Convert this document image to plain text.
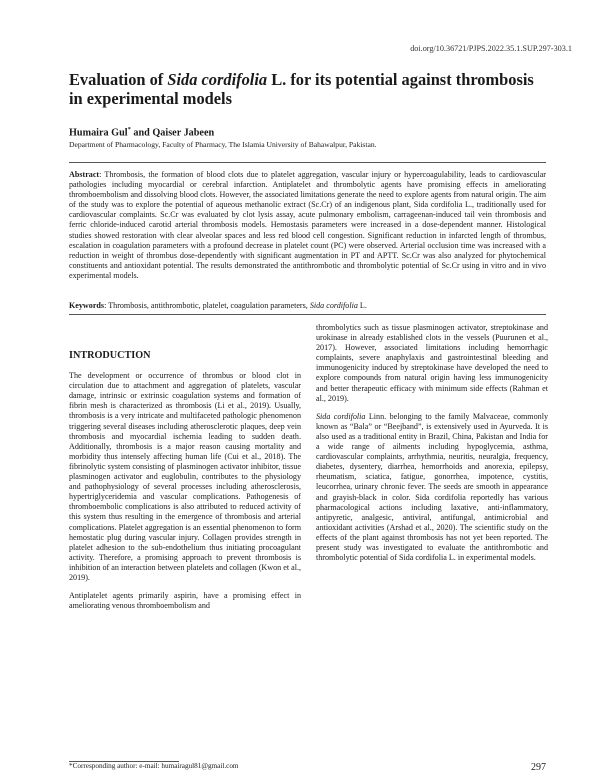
doi.org/10.36721/PJPS.2022.35.1.SUP.297-303.1
Evaluation of Sida cordifolia L. for its potential against thrombosis in experimental models
Humaira Gul* and Qaiser Jabeen
Department of Pharmacology, Faculty of Pharmacy, The Islamia University of Bahawalpur, Pakistan.

Abstract: Thrombosis, the formation of blood clots due to platelet aggregation, vascular injury or hypercoagulability, leads to cardiovascular pathologies including myocardial or cerebral infarction. Antiplatelet and thrombolytic agents have promising effects in ameliorating thromboembolism and dissolving blood clots. However, the associated limitations generate the need to explore agents from natural origin. The aim of the study was to explore the potential of aqueous methanolic extract (Sc.Cr) of an indigenous plant, Sida cordifolia L., traditionally used for cardiovascular complaints. Sc.Cr was evaluated by clot lysis assay, acute pulmonary embolism, carrageenan-induced tail vein thrombosis and ferric chloride-induced carotid arterial thrombosis models. Hemostasis parameters were increased in a dose-dependent manner. Histological studies showed restoration with clear alveolar spaces and less red blood cell congestion. Significant reduction in infarcted length of thrombus, escalation in coagulation parameters with a profound decrease in platelet count (PC) were observed. Arterial occlusion time was increased with a reduction in weight of thrombus dose-dependently with significant augmentation in PT and APTT. Sc.Cr was also analyzed for phytochemical constituents and antioxidant potential. The results demonstrated the antithrombotic and thrombolytic potential of Sc.Cr using in vitro and in vivo experimental models.

Keywords: Thrombosis, antithrombotic, platelet, coagulation parameters, Sida cordifolia L.

INTRODUCTION

The development or occurrence of thrombus or blood clot in circulation due to attachment and aggregation of platelets, vascular damage, intrinsic or extrinsic coagulation systems and formation of fibrin mesh is characterized as thrombosis (Li et al., 2019). Usually, thrombosis is a very intricate and multifaceted pathologic phenomenon triggering several diseases including atherosclerotic plaques, deep vein thrombosis and myocardial ischemia leading to sudden death. Additionally, thrombosis is a major reason causing mortality and morbidity thus intensely affecting human life (Cui et al., 2018). The fibrinolytic system consisting of plasminogen activator inhibitor, tissue plasminogen activator and euglobulin, contributes to the physiology and pathophysiology of several processes including atherosclerosis, hypertriglyceridemia and vascular complications. Pathogenesis of thromboembolic complications is also attributed to reduced activity of this system thus resulting in the emergence of thrombosis and arterial complications. Platelet aggregation is an essential phenomenon to form hemostatic plug during vascular injury. Collagen provides strength in platelet adhesion to the sub-endothelium thus initiating procoagulant activity. Therefore, a promising approach to prevent thrombosis is inhibition of an interaction between platelets and collagen (Kwon et al., 2019).

Antiplatelet agents primarily aspirin, have a promising effect in ameliorating venous thromboembolism and

thrombolytics such as tissue plasminogen activator, streptokinase and urokinase in already established clots in the vessels (Puurunen et al., 2017). However, associated limitations including hemorrhagic complaints, severe anaphylaxis and gastrointestinal bleeding and immunogenicity induced by streptokinase have developed the need to explore compounds from natural origin having less immunogenicity and better therapeutic efficacy with minimum side effects (Rahman et al., 2019).

Sida cordifolia Linn. belonging to the family Malvaceae, commonly known as “Bala” or “Beejband”, is extensively used in Ayurveda. It is also used as a traditional entity in Brazil, China, Pakistan and India for a wide range of ailments including hypoglycemia, asthma, cardiovascular complaints, arrhythmia, neuritis, neuralgia, frequency, diabetes, dysentery, diarrhea, hemorrhoids and anorexia, epilepsy, rheumatism, sciatica, fatigue, gonorrhea, impotence, cystitis, leucorrhea, urinary chronic fever. The seeds are smooth in appearance and grayish-black in color. Sida cordifolia reportedly has various pharmacological actions including laxative, anti-inflammatory, antipyretic, analgesic, antiviral, antifungal, antimicrobial and antioxidant activities (Arshad et al., 2020). The scientific study on the effects of the plant against thrombosis has not yet been reported. The present study was investigated to evaluate the antithrombotic and thrombolytic potential of Sida cordifolia L. in experimental models.

*Corresponding author: e-mail: humairagul81@gmail.com	297
